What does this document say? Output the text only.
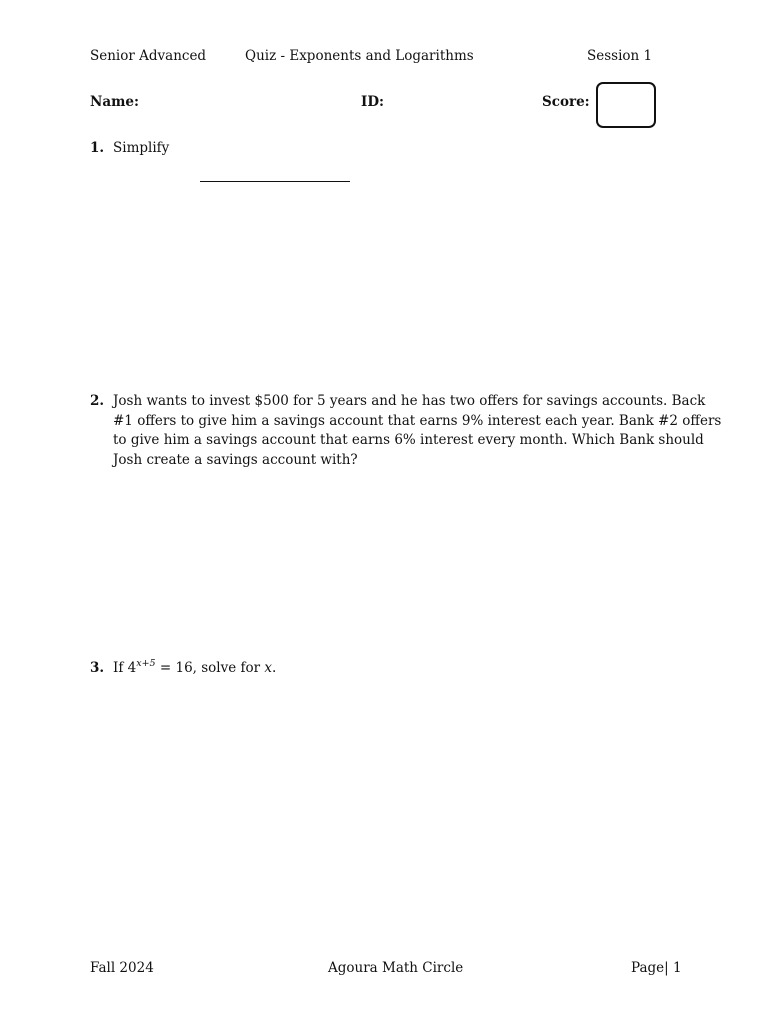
Senior Advanced	Quiz - Exponents and Logarithms	Session 1
Name:	ID:	Score:
1. Simplify
2. Josh wants to invest $500 for 5 years and he has two offers for savings accounts. Back
#1 offers to give him a savings account that earns 9% interest each year. Bank #2 offers
to give him a savings account that earns 6% interest every month. Which Bank should
Josh create a savings account with?
3. If $4^{x+5} = 16$, solve for x.
Fall 2024	Agoura Math Circle	Page| 1
